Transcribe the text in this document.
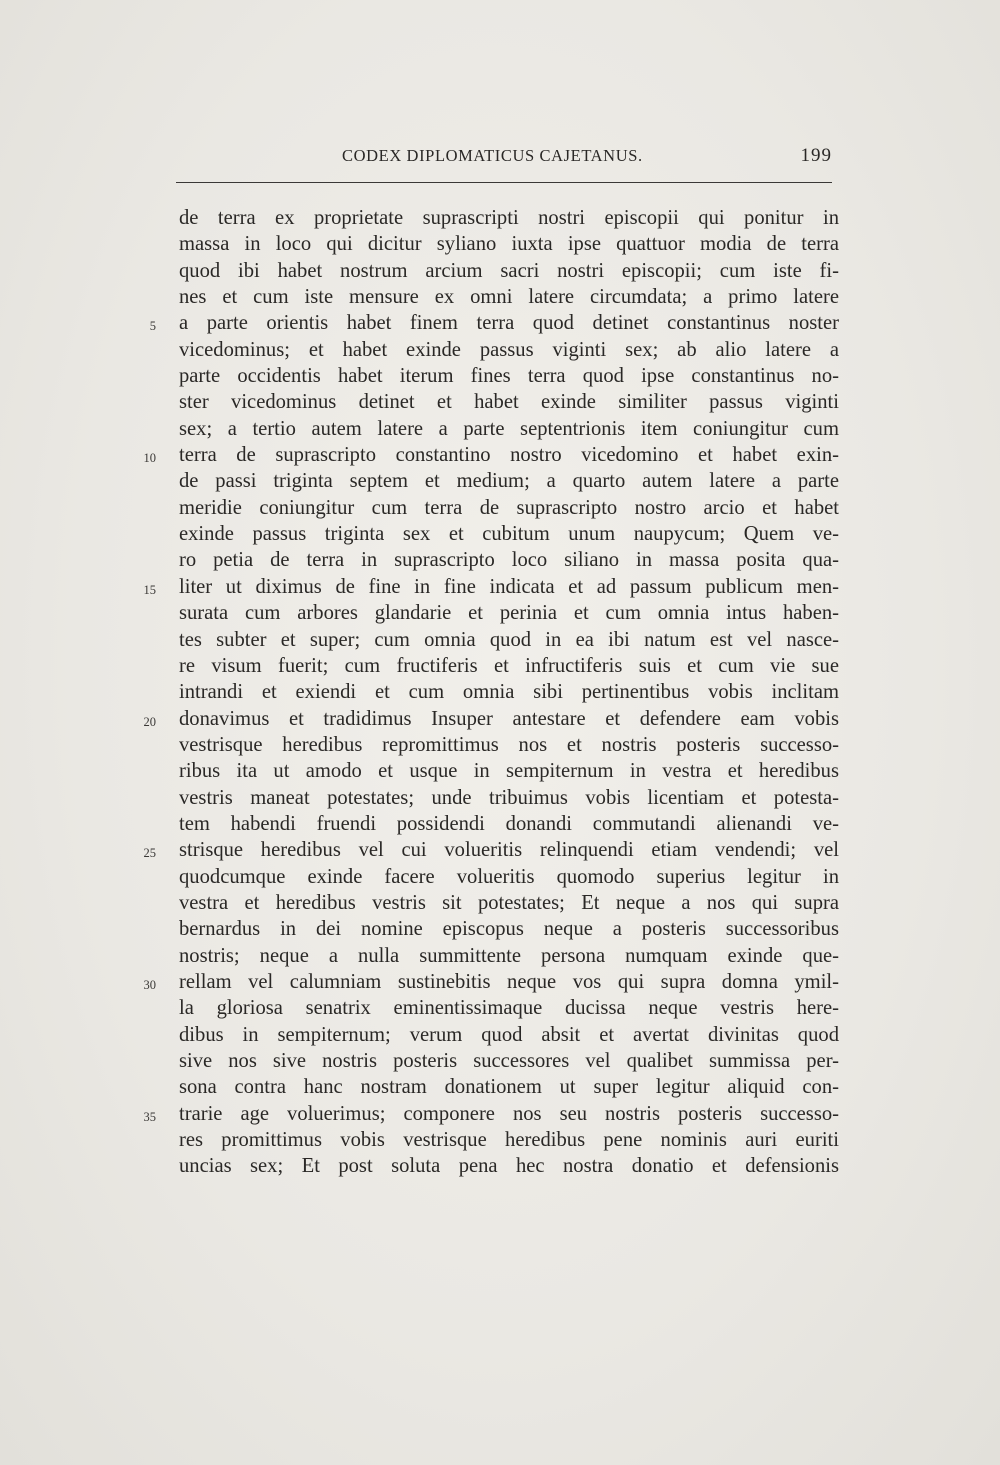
CODEX DIPLOMATICUS CAJETANUS.	199
de terra ex proprietate suprascripti nostri episcopii qui ponitur in
massa in loco qui dicitur syliano iuxta ipse quattuor modia de terra
quod ibi habet nostrum arcium sacri nostri episcopii; cum iste fi-
nes et cum iste mensure ex omni latere circumdata; a primo latere
5 a parte orientis habet finem terra quod detinet constantinus noster
vicedominus; et habet exinde passus viginti sex; ab alio latere a
parte occidentis habet iterum fines terra quod ipse constantinus no-
ster vicedominus detinet et habet exinde similiter passus viginti
sex; a tertio autem latere a parte septentrionis item coniungitur cum
10 terra de suprascripto constantino nostro vicedomino et habet exin-
de passi triginta septem et medium; a quarto autem latere a parte
meridie coniungitur cum terra de suprascripto nostro arcio et habet
exinde passus triginta sex et cubitum unum naupycum; Quem ve-
ro petia de terra in suprascripto loco siliano in massa posita qua-
15 liter ut diximus de fine in fine indicata et ad passum publicum men-
surata cum arbores glandarie et perinia et cum omnia intus haben-
tes subter et super; cum omnia quod in ea ibi natum est vel nasce-
re visum fuerit; cum fructiferis et infructiferis suis et cum vie sue
intrandi et exiendi et cum omnia sibi pertinentibus vobis inclitam
20 donavimus et tradidimus Insuper antestare et defendere eam vobis
vestrisque heredibus repromittimus nos et nostris posteris successo-
ribus ita ut amodo et usque in sempiternum in vestra et heredibus
vestris maneat potestates; unde tribuimus vobis licentiam et potesta-
tem habendi fruendi possidendi donandi commutandi alienandi ve-
25 strisque heredibus vel cui volueritis relinquendi etiam vendendi; vel
quodcumque exinde facere volueritis quomodo superius legitur in
vestra et heredibus vestris sit potestates; Et neque a nos qui supra
bernardus in dei nomine episcopus neque a posteris successoribus
nostris; neque a nulla summittente persona numquam exinde que-
30 rellam vel calumniam sustinebitis neque vos qui supra domna ymil-
la gloriosa senatrix eminentissimaque ducissa neque vestris here-
dibus in sempiternum; verum quod absit et avertat divinitas quod
sive nos sive nostris posteris successores vel qualibet summissa per-
sona contra hanc nostram donationem ut super legitur aliquid con-
35 trarie age voluerimus; componere nos seu nostris posteris successo-
res promittimus vobis vestrisque heredibus pene nominis auri euriti
uncias sex; Et post soluta pena hec nostra donatio et defensionis
